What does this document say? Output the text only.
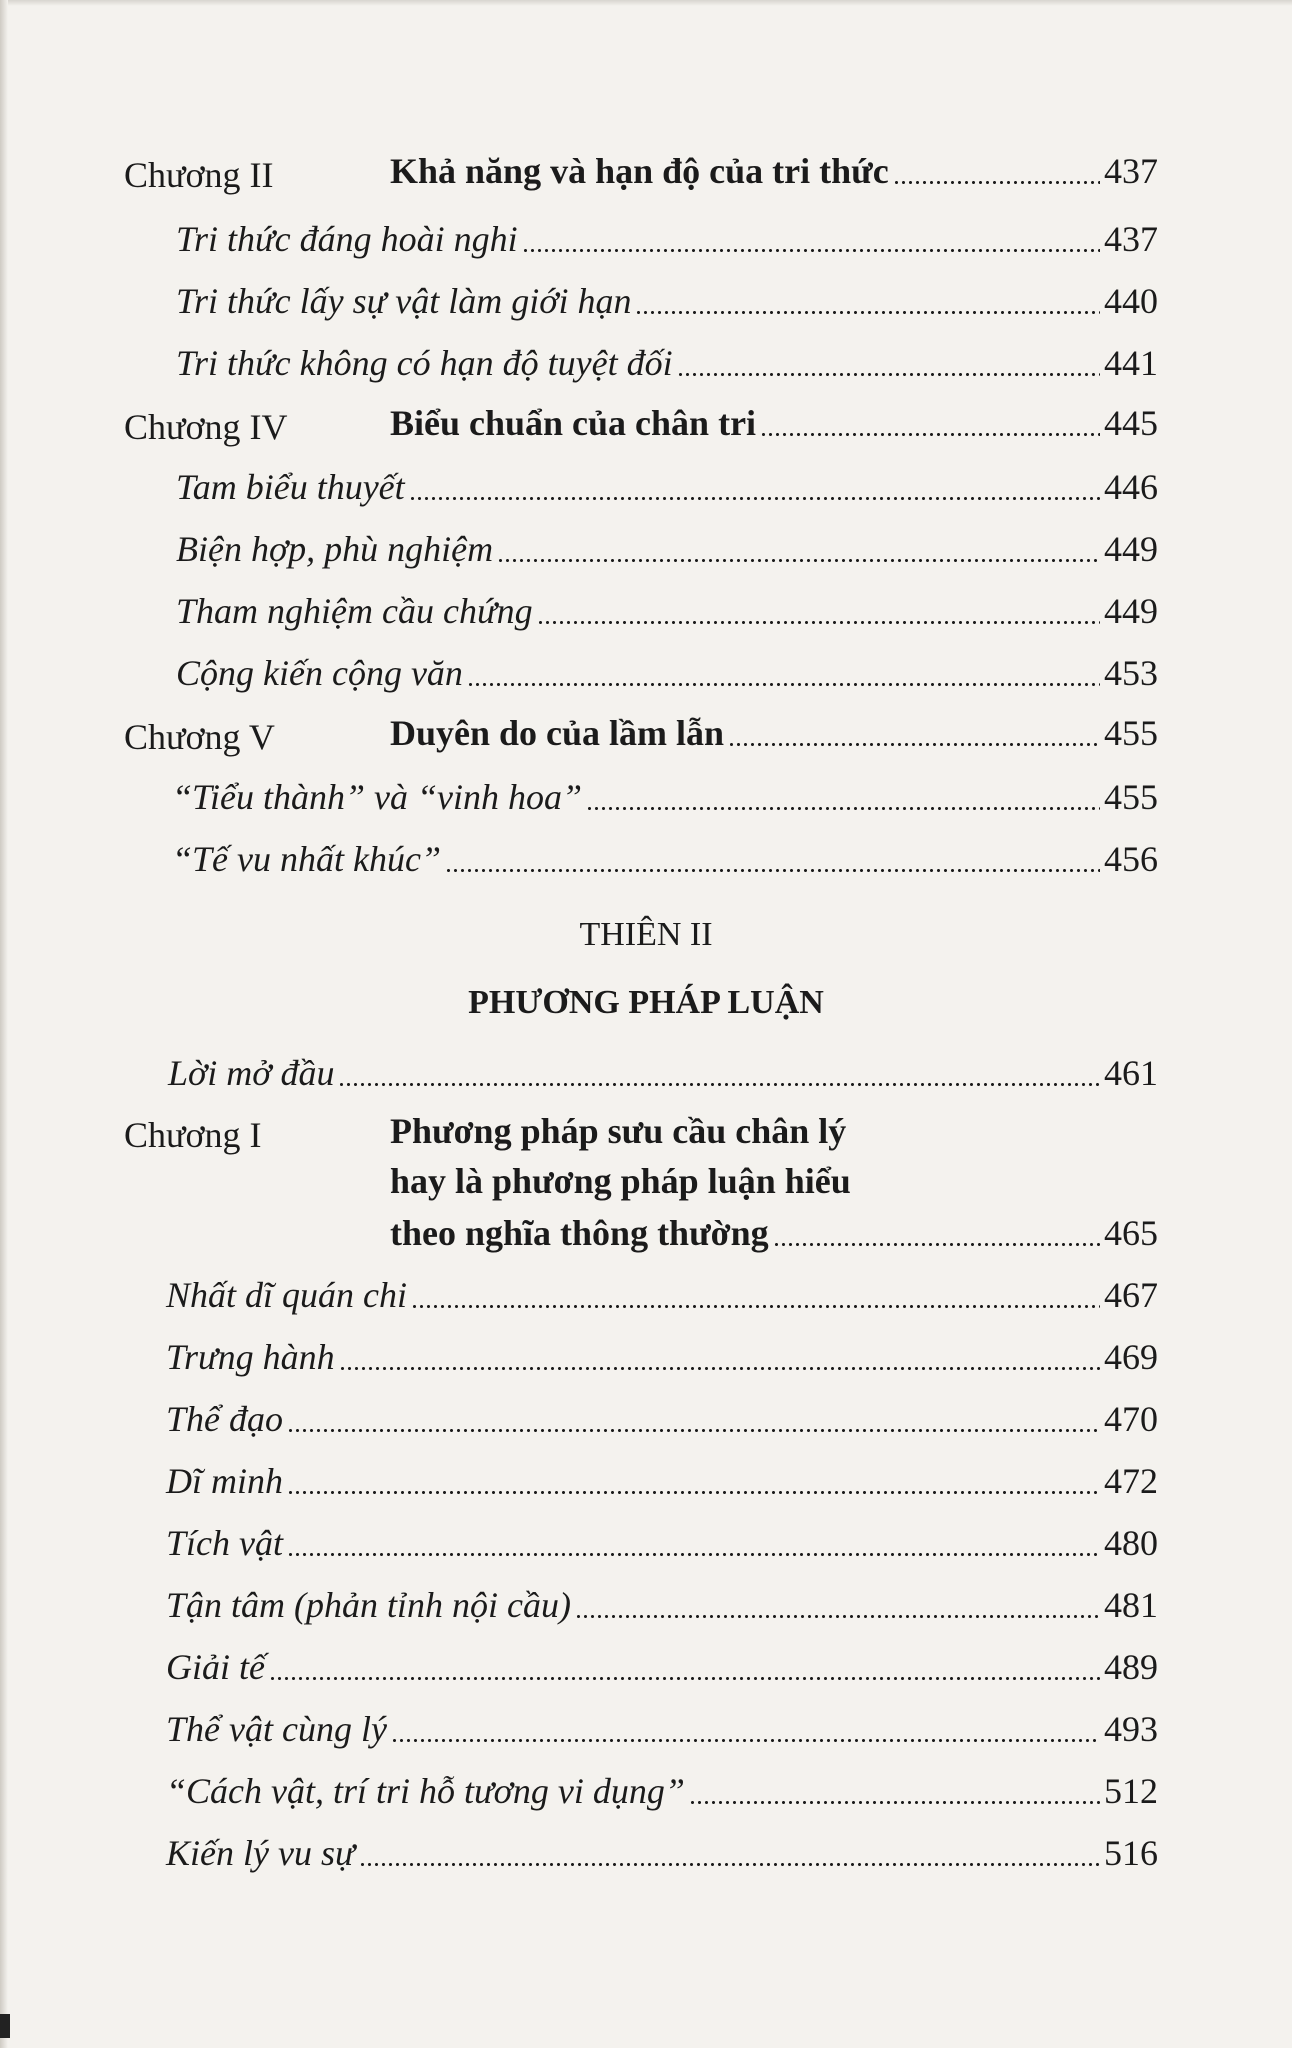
Chương II	Khả năng và hạn độ của tri thức	437
Tri thức đáng hoài nghi	437
Tri thức lấy sự vật làm giới hạn	440
Tri thức không có hạn độ tuyệt đối	441
Chương IV	Biểu chuẩn của chân tri	445
Tam biểu thuyết	446
Biện hợp, phù nghiệm	449
Tham nghiệm cầu chứng	449
Cộng kiến cộng văn	453
Chương V	Duyên do của lầm lẫn	455
“Tiểu thành” và “vinh hoa”	455
“Tế vu nhất khúc”	456
THIÊN II
PHƯƠNG PHÁP LUẬN
Lời mở đầu	461
Chương I	Phương pháp sưu cầu chân lý
hay là phương pháp luận hiểu
theo nghĩa thông thường	465
Nhất dĩ quán chi	467
Trưng hành	469
Thể đạo	470
Dĩ minh	472
Tích vật	480
Tận tâm (phản tỉnh nội cầu)	481
Giải tế	489
Thể vật cùng lý	493
“Cách vật, trí tri hỗ tương vi dụng”	512
Kiến lý vu sự	516
